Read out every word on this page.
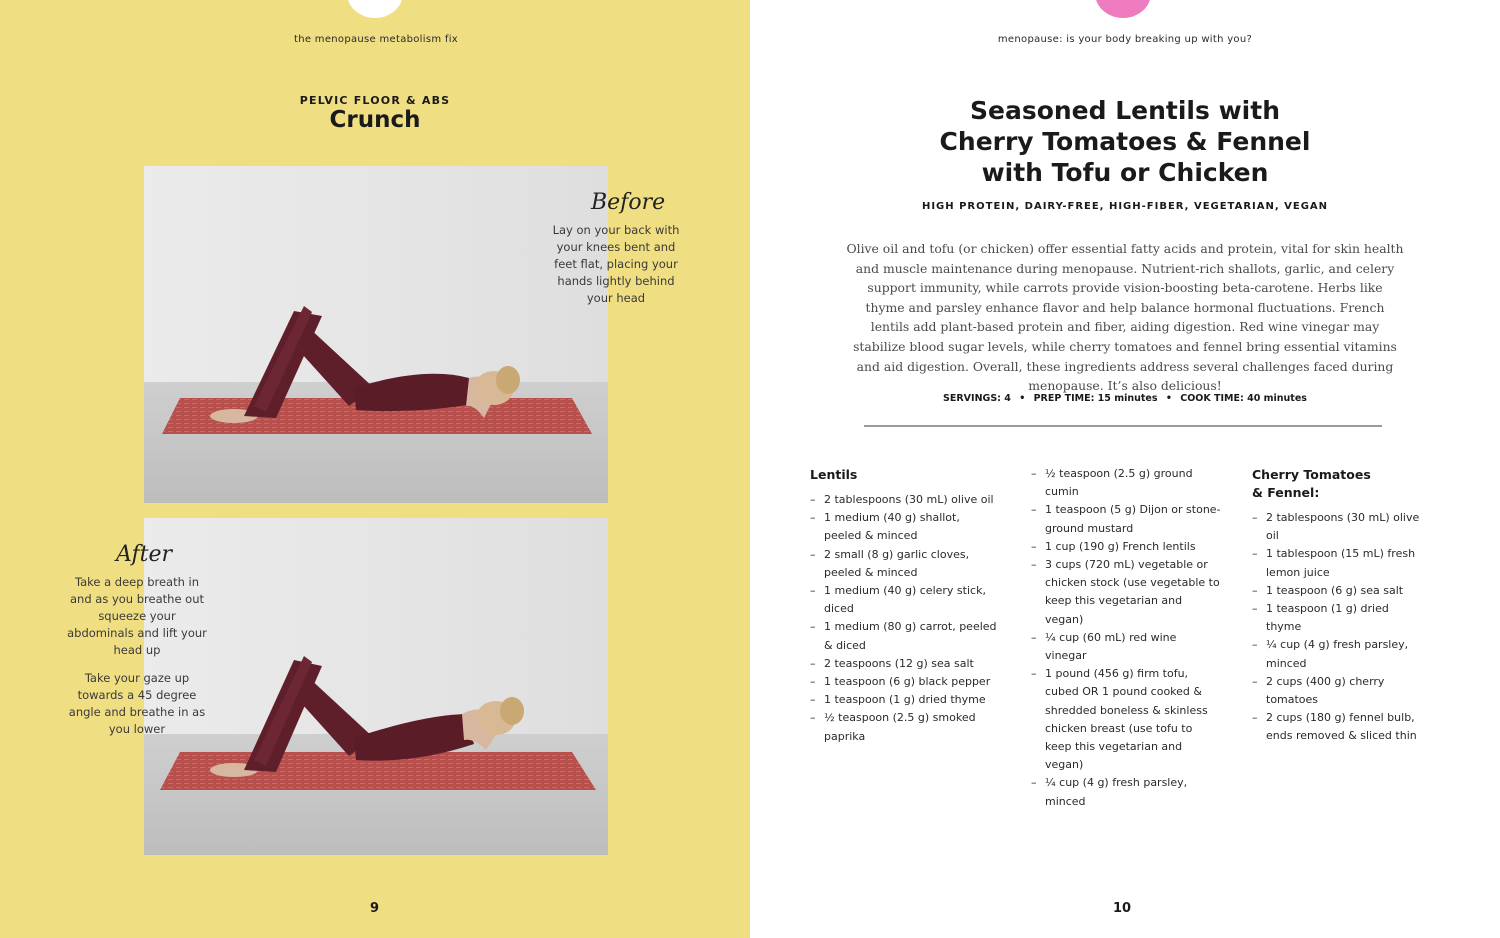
the menopause metabolism fix
PELVIC FLOOR & ABS
Crunch
Before
Lay on your back with your knees bent and feet flat, placing your hands lightly behind your head
After

Take a deep breath in and as you breathe out squeeze your abdominals and lift your head up

Take your gaze up towards a 45 degree angle and breathe in as you lower

9
menopause: is your body breaking up with you?
Seasoned Lentils with
Cherry Tomatoes & Fennel
with Tofu or Chicken
HIGH PROTEIN, DAIRY-FREE, HIGH-FIBER, VEGETARIAN, VEGAN
Olive oil and tofu (or chicken) offer essential fatty acids and protein, vital for skin health and muscle maintenance during menopause. Nutrient-rich shallots, garlic, and celery support immunity, while carrots provide vision-boosting beta-carotene. Herbs like thyme and parsley enhance flavor and help balance hormonal fluctuations. French lentils add plant-based protein and fiber, aiding digestion. Red wine vinegar may stabilize blood sugar levels, while cherry tomatoes and fennel bring essential vitamins and aid digestion. Overall, these ingredients address several challenges faced during menopause. It’s also delicious!
SERVINGS: 4 • PREP TIME: 15 minutes • COOK TIME: 40 minutes
Lentils
– 2 tablespoons (30 mL) olive oil
– 1 medium (40 g) shallot, peeled & minced
– 2 small (8 g) garlic cloves, peeled & minced
– 1 medium (40 g) celery stick, diced
– 1 medium (80 g) carrot, peeled & diced
– 2 teaspoons (12 g) sea salt
– 1 teaspoon (6 g) black pepper
– 1 teaspoon (1 g) dried thyme
– ½ teaspoon (2.5 g) smoked paprika
– ½ teaspoon (2.5 g) ground cumin
– 1 teaspoon (5 g) Dijon or stone-ground mustard
– 1 cup (190 g) French lentils
– 3 cups (720 mL) vegetable or chicken stock (use vegetable to keep this vegetarian and vegan)
– ¼ cup (60 mL) red wine vinegar
– 1 pound (456 g) firm tofu, cubed OR 1 pound cooked & shredded boneless & skinless chicken breast (use tofu to keep this vegetarian and vegan)
– ¼ cup (4 g) fresh parsley, minced
Cherry Tomatoes
& Fennel:
– 2 tablespoons (30 mL) olive oil
– 1 tablespoon (15 mL) fresh lemon juice
– 1 teaspoon (6 g) sea salt
– 1 teaspoon (1 g) dried thyme
– ¼ cup (4 g) fresh parsley, minced
– 2 cups (400 g) cherry tomatoes
– 2 cups (180 g) fennel bulb, ends removed & sliced thin
10
